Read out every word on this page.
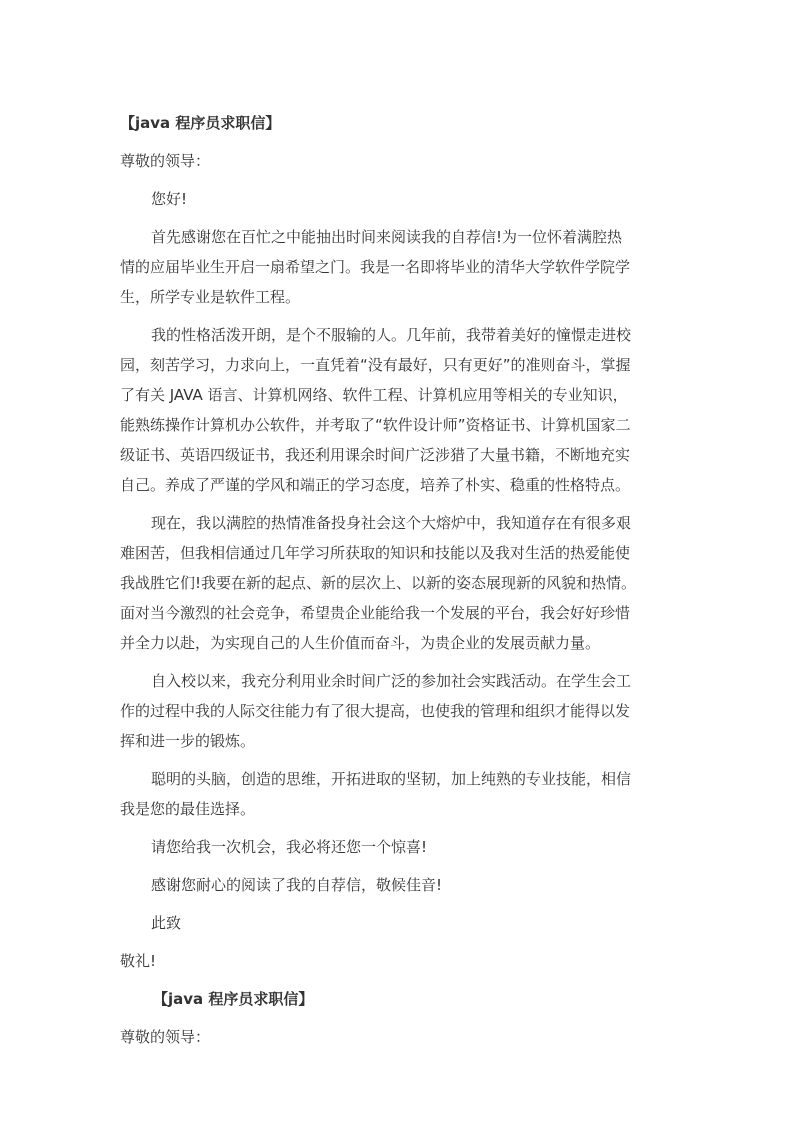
【java 程序员求职信】

尊敬的领导：

您好!

首先感谢您在百忙之中能抽出时间来阅读我的自荐信!为一位怀着满腔热

情的应届毕业生开启一扇希望之门。我是一名即将毕业的清华大学软件学院学

生，所学专业是软件工程。

我的性格活泼开朗，是个不服输的人。几年前，我带着美好的憧憬走进校

园，刻苦学习，力求向上，一直凭着“没有最好，只有更好”的准则奋斗，掌握

了有关 JAVA 语言、计算机网络、软件工程、计算机应用等相关的专业知识，

能熟练操作计算机办公软件，并考取了“软件设计师”资格证书、计算机国家二

级证书、英语四级证书，我还利用课余时间广泛涉猎了大量书籍，不断地充实

自己。养成了严谨的学风和端正的学习态度，培养了朴实、稳重的性格特点。

现在，我以满腔的热情准备投身社会这个大熔炉中，我知道存在有很多艰

难困苦，但我相信通过几年学习所获取的知识和技能以及我对生活的热爱能使

我战胜它们!我要在新的起点、新的层次上、以新的姿态展现新的风貌和热情。

面对当今激烈的社会竞争，希望贵企业能给我一个发展的平台，我会好好珍惜

并全力以赴，为实现自己的人生价值而奋斗，为贵企业的发展贡献力量。

自入校以来，我充分利用业余时间广泛的参加社会实践活动。在学生会工

作的过程中我的人际交往能力有了很大提高，也使我的管理和组织才能得以发

挥和进一步的锻炼。

聪明的头脑，创造的思维，开拓进取的坚韧，加上纯熟的专业技能，相信

我是您的最佳选择。

请您给我一次机会，我必将还您一个惊喜!

感谢您耐心的阅读了我的自荐信，敬候佳音!

此致

敬礼!

【java 程序员求职信】

尊敬的领导：
